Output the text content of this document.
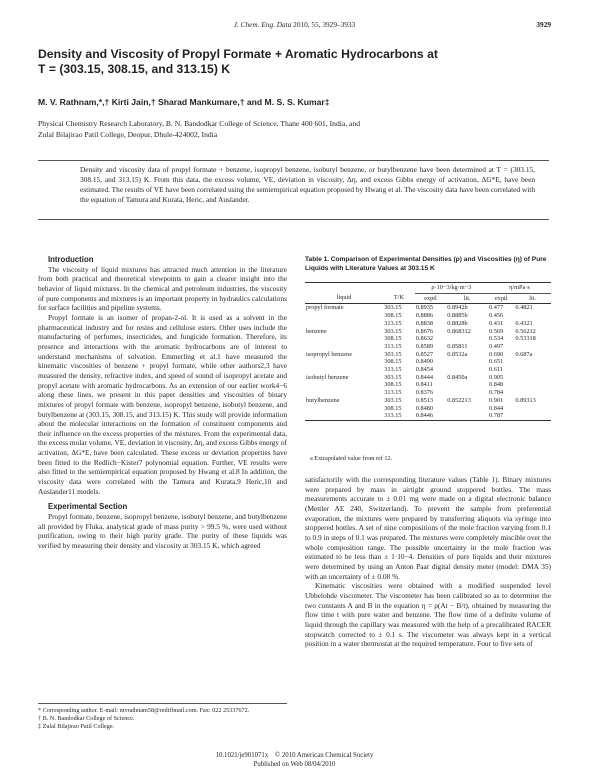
J. Chem. Eng. Data 2010, 55, 3929–3933	3929
Density and Viscosity of Propyl Formate + Aromatic Hydrocarbons at
T = (303.15, 308.15, and 313.15) K
M. V. Rathnam,*,† Kirti Jain,† Sharad Mankumare,† and M. S. S. Kumar‡
Physical Chemistry Research Laboratory, B. N. Bandodkar College of Science, Thane 400 601, India, and
Zulal Bilajirao Patil College, Deopur, Dhule-424002, India
Density and viscosity data of propyl formate + benzene, isopropyl benzene, isobutyl benzene, or butylbenzene have been determined at T = (303.15, 308.15, and 313.15) K. From this data, the excess volume, VE, deviation in viscosity, Δη, and excess Gibbs energy of activation, ΔG*E, have been estimated. The results of VE have been correlated using the semiempirical equation proposed by Hwang et al. The viscosity data have been correlated with the equation of Tamura and Kurata, Heric, and Auslander.

Introduction

The viscosity of liquid mixtures has attracted much attention in the literature from both practical and theoretical viewpoints to gain a clearer insight into the behavior of liquid mixtures. In the chemical and petroleum industries, the viscosity of pure components and mixtures is an important property in hydraulics calculations for surface facilities and pipeline systems.

Propyl formate is an isomer of propan-2-ol. It is used as a solvent in the pharmaceutical industry and for resins and cellulose esters. Other uses include the manufacturing of perfumes, insecticides, and fungicide formation. Therefore, its presence and interactions with the aromatic hydrocarbons are of interest to understand mechanisms of solvation. Emmerling et al.1 have measured the kinematic viscosities of benzene + propyl formate, while other authors2,3 have measured the density, refractive index, and speed of sound of isopropyl acetate and propyl acetate with aromatic hydrocarbons. As an extension of our earlier work4−6 along these lines, we present in this paper densities and viscosities of binary mixtures of propyl formate with benzene, isopropyl benzene, isobutyl benzene, and butylbenzene at (303.15, 308.15, and 313.15) K. This study will provide information about the molecular interactions on the formation of constituent components and their influence on the excess properties of the mixtures. From the experimental data, the excess molar volume, VE, deviation in viscosity, Δη, and excess Gibbs energy of activation, ΔG*E, have been calculated. These excess or deviation properties have been fitted to the Redlich−Kister7 polynomial equation. Further, VE results were also fitted to the semiempirical equation proposed by Hwang et al.8 In addition, the viscosity data were correlated with the Tamura and Kurata,9 Heric,10 and Auslander11 models.

Experimental Section

Propyl formate, benzene, isopropyl benzene, isobutyl benzene, and butylbenzene all provided by Fluka, analytical grade of mass purity > 99.5 %, were used without purification, owing to their high purity grade. The purity of these liquids was verified by measuring their density and viscosity at 303.15 K, which agreed

* Corresponding author. E-mail: mvrathnam58@rediffmail.com. Fax: 022 25337672.
† B. N. Bandodkar College of Science.
‡ Zulal Bilajirao Patil College.
Table 1. Comparison of Experimental Densities (ρ) and Viscosities (η) of Pure Liquids with Literature Values at 303.15 K
		ρ·10−3/kg·m−3		η/mPa·s	
liquid	T/K	exptl	lit.	exptl	lit.
propyl formate	303.15	0.8935	0.8942b	0.477	0.4821
	308.15	0.8886	0.8885b	0.456	
	313.15	0.8838	0.8828b	0.431	0.4321
benzene	303.15	0.8676	0.868312	0.569	0.56212
	308.15	0.8632		0.534	0.53318
	313.15	0.8589	0.85811	0.497	
isopropyl benzene	303.15	0.8527	0.8532a	0.690	0.687a
	308.15	0.8490		0.651	
	313.15	0.8454		0.611	
isobutyl benzene	303.15	0.8444	0.8450a	0.905	
	308.15	0.8411		0.848	
	313.15	0.8376		0.784	
butylbenzene	303.15	0.8513	0.852213	0.901	0.89313
	308.15	0.8480		0.844	
	313.15	0.8446		0.787	
a Extrapolated value from ref 12.

satisfactorily with the corresponding literature values (Table 1). Binary mixtures were prepared by mass in airtight ground stoppered bottles. The mass measurements accurate to ± 0.01 mg were made on a digital electronic balance (Mettler AE 240, Switzerland). To prevent the sample from preferential evaporation, the mixtures were prepared by transferring aliquots via syringe into stoppered bottles. A set of nine compositions of the mole fraction varying from 0.1 to 0.9 in steps of 0.1 was prepared. The mixtures were completely miscible over the whole composition range. The possible uncertainty in the mole fraction was estimated to be less than ± 1·10−4. Densities of pure liquids and their mixtures were determined by using an Anton Paar digital density meter (model: DMA 35) with an uncertainty of ± 0.08 %.

Kinematic viscosities were obtained with a modified suspended level Ubbelohde viscometer. The viscometer has been calibrated so as to determine the two constants A and B in the equation η = ρ(At − B/t), obtained by measuring the flow time t with pure water and benzene. The flow time of a definite volume of liquid through the capillary was measured with the help of a precalibrated RACER stopwatch corrected to ± 0.1 s. The viscometer was always kept in a vertical position in a water thermostat at the required temperature. Four to five sets of

10.1021/je901071x © 2010 American Chemical Society
Published on Web 08/04/2010
